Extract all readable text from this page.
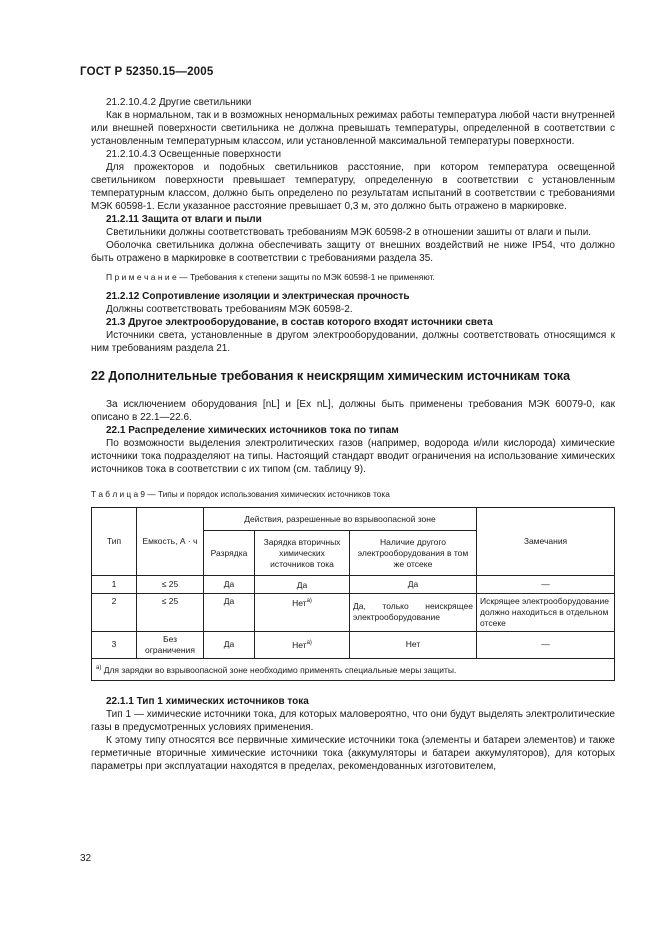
ГОСТ Р 52350.15—2005

21.2.10.4.2 Другие светильники

Как в нормальном, так и в возможных ненормальных режимах работы температура любой части внутренней или внешней поверхности светильника не должна превышать температуры, определенной в соответствии с установленным температурным классом, или установленной максимальной температуры поверхности.

21.2.10.4.3 Освещенные поверхности

Для прожекторов и подобных светильников расстояние, при котором температура освещенной светильником поверхности превышает температуру, определенную в соответствии с установленным температурным классом, должно быть определено по результатам испытаний в соответствии с требованиями МЭК 60598-1. Если указанное расстояние превышает 0,3 м, это должно быть отражено в маркировке.

21.2.11 Защита от влаги и пыли

Светильники должны соответствовать требованиям МЭК 60598-2 в отношении зашиты от влаги и пыли.

Оболочка светильника должна обеспечивать защиту от внешних воздействий не ниже IP54, что должно быть отражено в маркировке в соответствии с требованиями раздела 35.

П р и м е ч а н и е — Требования к степени защиты по МЭК 60598-1 не применяют.

21.2.12 Сопротивление изоляции и электрическая прочность

Должны соответствовать требованиям МЭК 60598-2.

21.3 Другое электрооборудование, в состав которого входят источники света

Источники света, установленные в другом электрооборудовании, должны соответствовать относящимся к ним требованиям раздела 21.

22 Дополнительные требования к неискрящим химическим источникам тока

За исключением оборудования [nL] и [Ex nL], должны быть применены требования МЭК 60079-0, как описано в 22.1—22.6.

22.1 Распределение химических источников тока по типам

По возможности выделения электролитических газов (например, водорода и/или кислорода) химические источники тока подразделяют на типы. Настоящий стандарт вводит ограничения на использование химических источников тока в соответствии с их типом (см. таблицу 9).

Т а б л и ц а 9 — Типы и порядок использования химических источников тока

Тип	Емкость, А · ч	Действия, разрешенные во взрывоопасной зоне			Замечания
		Разрядка	Зарядка вторичных химических источников тока	Наличие другого электрооборудования в том же отсеке	
1	≤ 25	Да	Да	Да	—
2	≤ 25	Да	Нет$^{а)}$	Да, только неискрящее электрооборудование	Искрящее электрооборудование должно находиться в отдельном отсеке
3	Без ограничения	Да	Нет$^{а)}$	Нет	—
$^{а)}$ Для зарядки во взрывоопасной зоне необходимо применять специальные меры защиты.					

22.1.1 Тип 1 химических источников тока

Тип 1 — химические источники тока, для которых маловероятно, что они будут выделять электролитические газы в предусмотренных условиях применения.

К этому типу относятся все первичные химические источники тока (элементы и батареи элементов) и также герметичные вторичные химические источники тока (аккумуляторы и батареи аккумуляторов), для которых параметры при эксплуатации находятся в пределах, рекомендованных изготовителем,

32
